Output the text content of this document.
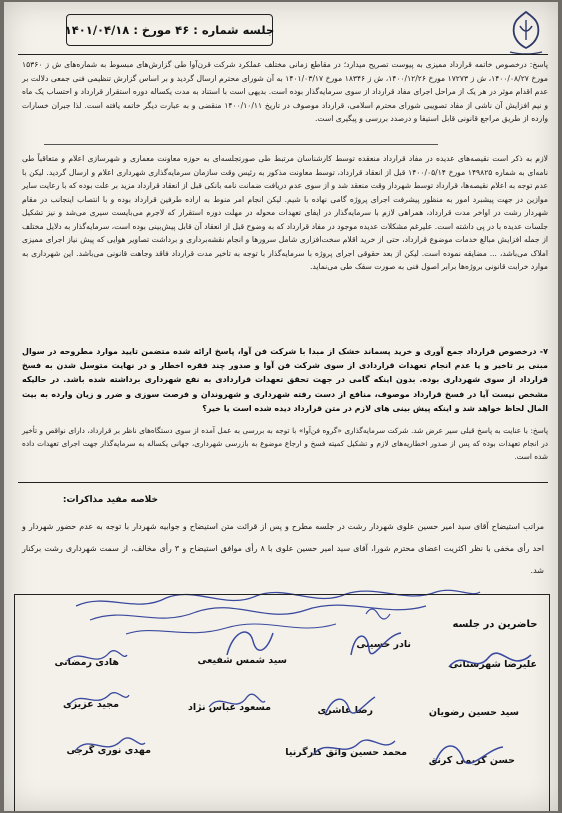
جلسه شماره : ۴۶ مورخ : ۱۴۰۱/۰۴/۱۸
پاسخ: درخصوص خاتمه قرارداد ممیزی به پیوست تصریح میدارد؛ در مقاطع زمانی مختلف عملکرد شرکت قرن‌آوا طی گزارش‌های مبسوط به شماره‌های ش ز ۱۵۳۶۰ مورخ ۱۴۰۰/۰۸/۲۷، ش ز ۱۷۲۷۳ مورخ ۱۴۰۰/۱۲/۲۶، ش ز ۱۸۳۴۶ مورخ ۱۴۰۱/۰۳/۱۷ به آن شورای محترم ارسال گردید و بر اساس گزارش تنظیمی فنی جمعی دلالت بر عدم اقدام موثر در هر یک از مراحل اجرای مفاد قرارداد از سوی سرمایه‌گذار بوده است. بدیهی است با استناد به مدت یکساله دوره استقرار قرارداد و احتساب یک ماه و نیم افزایش آن ناشی از مفاد تصویبی شورای محترم اسلامی، قرارداد موصوف در تاریخ ۱۴۰۰/۱۰/۱۱ منقضی و به عبارت دیگر خاتمه یافته است. لذا جبران خسارات وارده از طریق مراجع قانونی قابل استیفا و درصدد بررسی و پیگیری است.
لازم به ذکر است نقیصه‌های عدیده در مفاد قرارداد منعقده توسط کارشناسان مرتبط طی صورتجلسه‌ای به حوزه معاونت معماری و شهرسازی اعلام و متعاقباً طی نامه‌ای به شماره ۱۴۹۸۲۵ مورخ ۱۴۰۰/۰۵/۱۴ قبل از انعقاد قرارداد، توسط معاونت مذکور به رئیس وقت سازمان سرمایه‌گذاری شهرداری اعلام و ارسال گردید. لیکن با عدم توجه به اعلام نقیصه‌ها، قرارداد توسط شهردار وقت منعقد شد و از سوی عدم دریافت ضمانت نامه بانکی قبل از انعقاد قرارداد مزید بر علت بوده که با رعایت سایر موازین در جهت پیشبرد امور به منظور پیشرفت اجرای پروژه گامی نهاده با شیم. لیکن انجام امر منوط به اراده طرفین قرارداد بوده و با انتصاب اینجانب در مقام شهردار رشت در اواخر مدت قرارداد، همراهی لازم با سرمایه‌گذار در ایفای تعهدات محوله در مهلت دوره استقرار که لاجرم می‌بایست سیری می‌شد و نیز تشکیل جلسات عدیده با در پی داشته است. علیرغم مشکلات عدیده موجود در مفاد قرارداد که به وضوح قبل از انعقاد آن قابل پیش‌بینی بوده است، سرمایه‌گذار به دلایل مختلف از جمله افزایش مبالغ خدمات موضوع قرارداد، حتی از خرید اقلام سخت‌افزاری شامل سرورها و انجام نقشه‌برداری و برداشت تصاویر هوایی که پیش نیاز اجرای ممیزی املاک می‌باشد، ... مضایقه نموده است. لیکن از بعد حقوقی اجرای پروژه با سرمایه‌گذار با توجه به تاخیر مدت قرارداد فاقد وجاهت قانونی می‌باشد. این شهرداری به موارد خرابت قانونی بروژه‌ها برابر اصول فنی به صورت سفک طی می‌نماید.
۷- درخصوص قرارداد جمع آوری و خرید پسماند خشک از مبدا با شرکت فن آوا، پاسخ ارائه شده متضمن تایید موارد مطروحه در سوال مبنی بر تاخیر و یا عدم انجام تعهدات قراردادی از سوی شرکت فن آوا و صدور چند فقره اخطار و در نهایت متوسل شدن به فسخ قرارداد از سوی شهرداری بوده. بدون اینکه گامی در جهت تحقق تعهدات قراردادی به نفع شهرداری برداشته شده باشد. در حالیکه مشخص نیست آیا در فسخ قرارداد موصوف، منافع از دست رفته شهرداری و شهروندان و فرصت سوزی و ضرر و زیان وارده به بیت المال لحاظ خواهد شد و اینکه پیش بینی های لازم در متن قرارداد دیده شده است یا خیر؟
پاسخ: با عنایت به پاسخ قبلی سیر عرض شد. شرکت سرمایه‌گذاری «گروه فن‌آوا» با توجه به بررسی به عمل آمده از سوی دستگاه‌های ناظر بر قرارداد، دارای نواقص و تأخیر در انجام تعهدات بوده که پس از صدور اخطاریه‌های لازم و تشکیل کمیته فسخ و ارجاع موضوع به بازرسی شهرداری، جهانی یکساله به سرمایه‌گذار جهت اجرای تعهدات داده شده است.
خلاصه مفید مذاکرات:
مراتب استیضاح آقای سید امیر حسین علوی شهردار رشت در جلسه مطرح و پس از قرائت متن استیضاح و جوابیه شهردار با توجه به عدم حضور شهردار و احد رأی مخفی با نظر اکثریت اعضای محترم شورا، آقای سید امیر حسین علوی با ۸ رأی موافق استیضاح و ۳ رأی مخالف، از سمت شهرداری رشت برکنار شد.
حاضرین در جلسه
علیرضا شهرستانی
نادر حسینی
سید شمس شفیعی
هادی رمضانی
سید حسین رضویان
رضا عاشری
مسعود عباس نژاد
مجید عزیزی
حسن کریمی کرنق
محمد حسین واثق کارگرنیا
مهدی نوری گرجی
